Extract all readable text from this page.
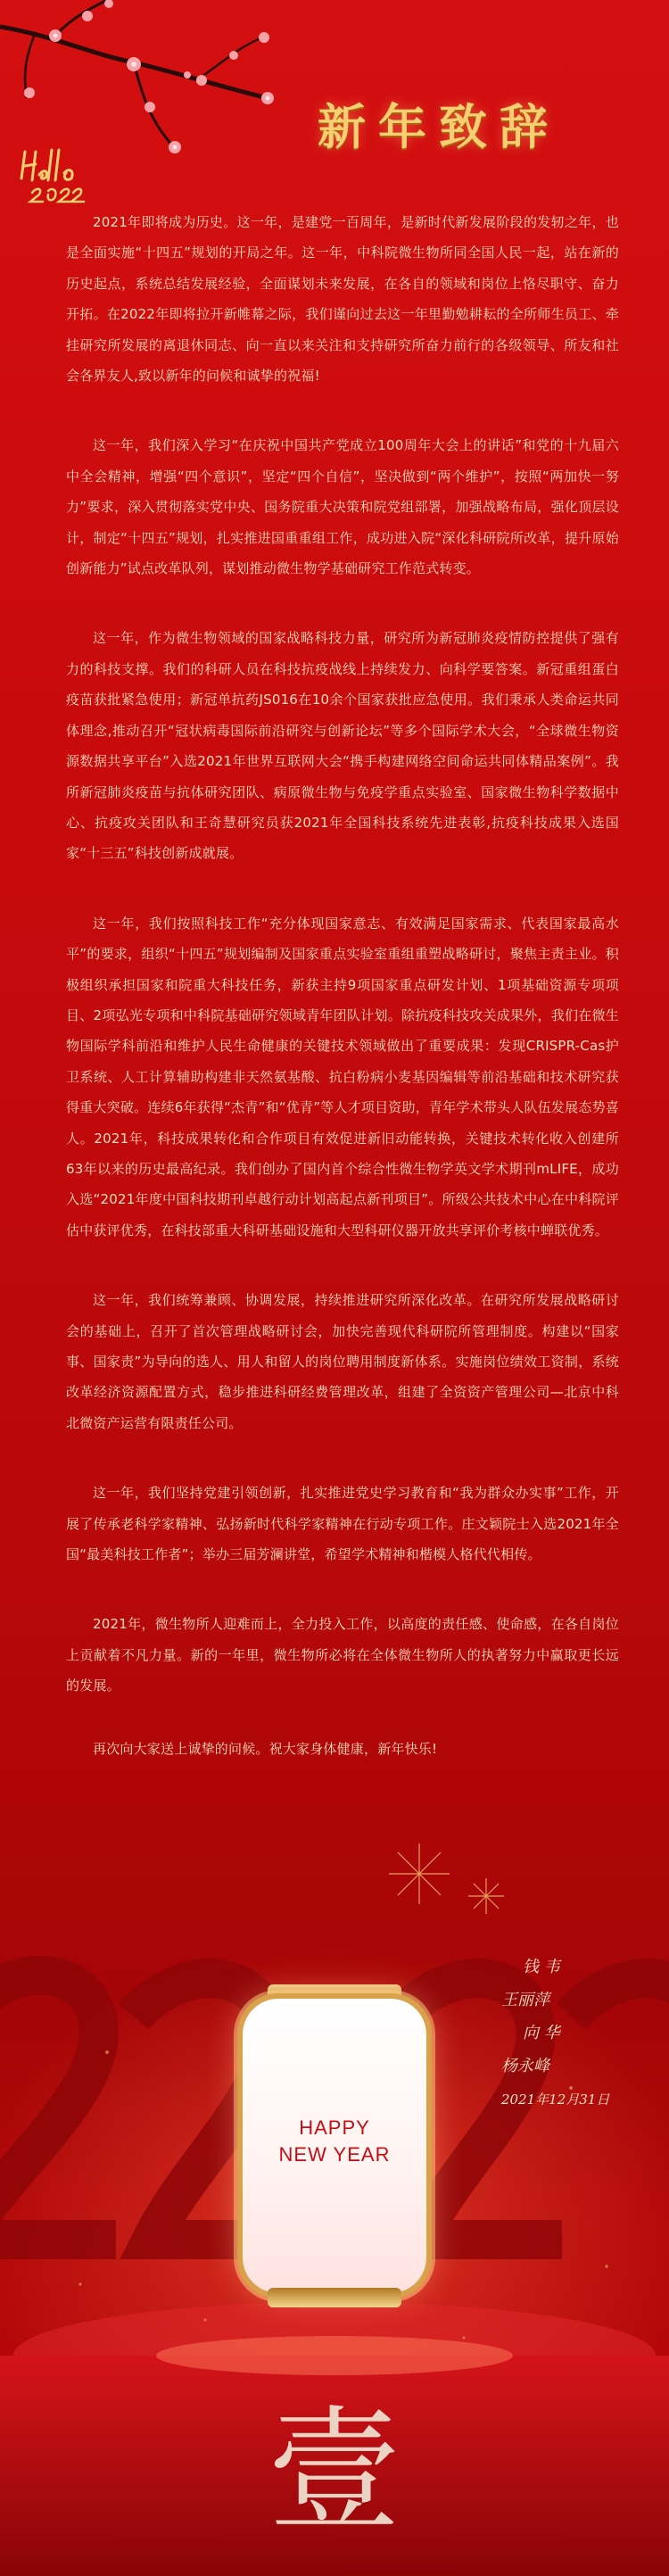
新年致辞

2021年即将成为历史。这一年，是建党一百周年，是新时代新发展阶段的发轫之年，也是全面实施“十四五”规划的开局之年。这一年，中科院微生物所同全国人民一起，站在新的历史起点，系统总结发展经验，全面谋划未来发展，在各自的领域和岗位上恪尽职守、奋力开拓。在2022年即将拉开新帷幕之际，我们谨向过去这一年里勤勉耕耘的全所师生员工、牵挂研究所发展的离退休同志、向一直以来关注和支持研究所奋力前行的各级领导、所友和社会各界友人,致以新年的问候和诚挚的祝福!

这一年，我们深入学习“在庆祝中国共产党成立100周年大会上的讲话”和党的十九届六中全会精神，增强“四个意识”，坚定“四个自信”，坚决做到“两个维护”，按照“两加快一努力”要求，深入贯彻落实党中央、国务院重大决策和院党组部署，加强战略布局，强化顶层设计，制定“十四五”规划，扎实推进国重重组工作，成功进入院“深化科研院所改革，提升原始创新能力”试点改革队列，谋划推动微生物学基础研究工作范式转变。

这一年，作为微生物领域的国家战略科技力量，研究所为新冠肺炎疫情防控提供了强有力的科技支撑。我们的科研人员在科技抗疫战线上持续发力、向科学要答案。新冠重组蛋白疫苗获批紧急使用；新冠单抗药JS016在10余个国家获批应急使用。我们秉承人类命运共同体理念,推动召开“冠状病毒国际前沿研究与创新论坛”等多个国际学术大会，“全球微生物资源数据共享平台”入选2021年世界互联网大会“携手构建网络空间命运共同体精品案例”。我所新冠肺炎疫苗与抗体研究团队、病原微生物与免疫学重点实验室、国家微生物科学数据中心、抗疫攻关团队和王奇慧研究员获2021年全国科技系统先进表彰,抗疫科技成果入选国家“十三五”科技创新成就展。

这一年，我们按照科技工作“充分体现国家意志、有效满足国家需求、代表国家最高水平”的要求，组织“十四五”规划编制及国家重点实验室重组重塑战略研讨，聚焦主责主业。积极组织承担国家和院重大科技任务，新获主持9项国家重点研发计划、1项基础资源专项项目、2项弘光专项和中科院基础研究领域青年团队计划。除抗疫科技攻关成果外，我们在微生物国际学科前沿和维护人民生命健康的关键技术领域做出了重要成果：发现CRISPR-Cas护卫系统、人工计算辅助构建非天然氨基酸、抗白粉病小麦基因编辑等前沿基础和技术研究获得重大突破。连续6年获得“杰青”和“优青”等人才项目资助，青年学术带头人队伍发展态势喜人。2021年，科技成果转化和合作项目有效促进新旧动能转换，关键技术转化收入创建所63年以来的历史最高纪录。我们创办了国内首个综合性微生物学英文学术期刊mLIFE，成功入选“2021年度中国科技期刊卓越行动计划高起点新刊项目”。所级公共技术中心在中科院评估中获评优秀，在科技部重大科研基础设施和大型科研仪器开放共享评价考核中蝉联优秀。

这一年，我们统筹兼顾、协调发展，持续推进研究所深化改革。在研究所发展战略研讨会的基础上，召开了首次管理战略研讨会，加快完善现代科研院所管理制度。构建以“国家事、国家责”为导向的选人、用人和留人的岗位聘用制度新体系。实施岗位绩效工资制，系统改革经济资源配置方式，稳步推进科研经费管理改革，组建了全资资产管理公司—北京中科北微资产运营有限责任公司。

这一年，我们坚持党建引领创新，扎实推进党史学习教育和“我为群众办实事”工作，开展了传承老科学家精神、弘扬新时代科学家精神在行动专项工作。庄文颖院士入选2021年全国“最美科技工作者”；举办三届芳澜讲堂，希望学术精神和楷模人格代代相传。

2021年，微生物所人迎难而上，全力投入工作，以高度的责任感、使命感，在各自岗位上贡献着不凡力量。新的一年里，微生物所必将在全体微生物所人的执著努力中赢取更长远的发展。

再次向大家送上诚挚的问候。祝大家身体健康，新年快乐!

壹
HAPPY
NEW YEAR
钱 韦
王丽萍
向 华
杨永峰
2021年12月31日
